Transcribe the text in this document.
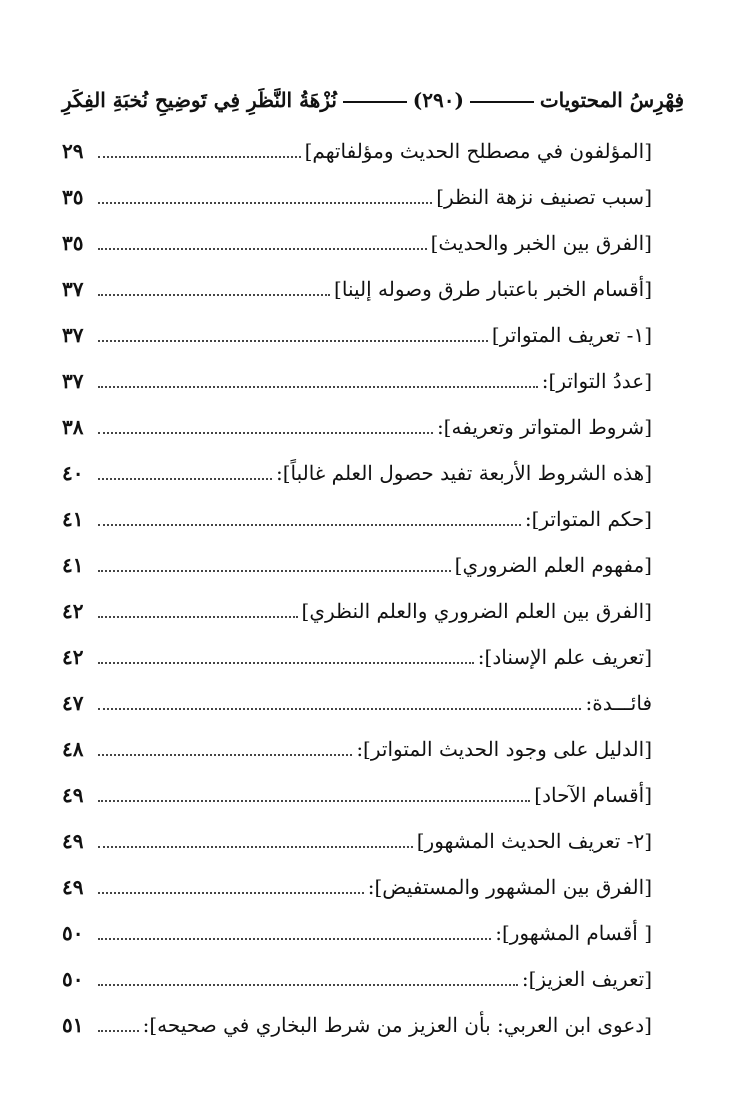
فِهْرِسُ المحتويات
(٢٩٠)
نُزْهَةُ النَّظَرِ فِي تَوضِيحِ نُخبَةِ الفِكَرِ
[المؤلفون في مصطلح الحديث ومؤلفاتهم]
٢٩
[سبب تصنيف نزهة النظر]
٣٥
[الفرق بين الخبر والحديث]
٣٥
[أقسام الخبر باعتبار طرق وصوله إلينا]
٣٧
[١- تعريف المتواتر]
٣٧
[عددُ التواتر]:
٣٧
[شروط المتواتر وتعريفه]:
٣٨
[هذه الشروط الأربعة تفيد حصول العلم غالباً]:
٤٠
[حكم المتواتر]:
٤١
[مفهوم العلم الضروري]
٤١
[الفرق بين العلم الضروري والعلم النظري]
٤٢
[تعريف علم الإسناد]:
٤٢
فائـــدة:
٤٧
[الدليل على وجود الحديث المتواتر]:
٤٨
[أقسام الآحاد]
٤٩
[٢- تعريف الحديث المشهور]
٤٩
[الفرق بين المشهور والمستفيض]:
٤٩
[ أقسام المشهور]:
٥٠
[تعريف العزيز]:
٥٠
[دعوى ابن العربي: بأن العزيز من شرط البخاري في صحيحه]:
٥١
